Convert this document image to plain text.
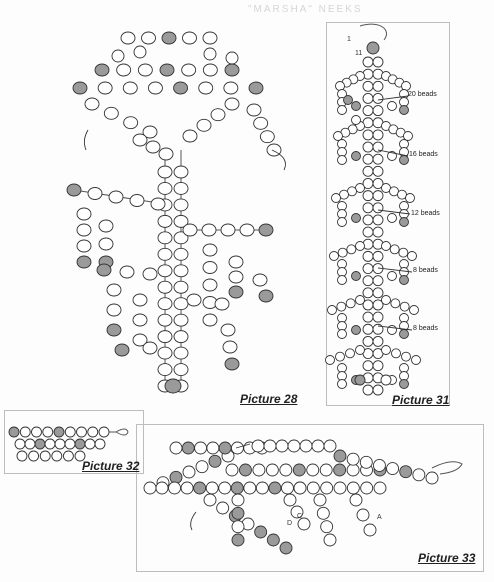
"MARSHA" NEEKS
Picture 28	Picture 31
Picture 32
Picture 33
20 beads
16 beads
12 beads
8 beads
8 beads
1
11
C
D
A
